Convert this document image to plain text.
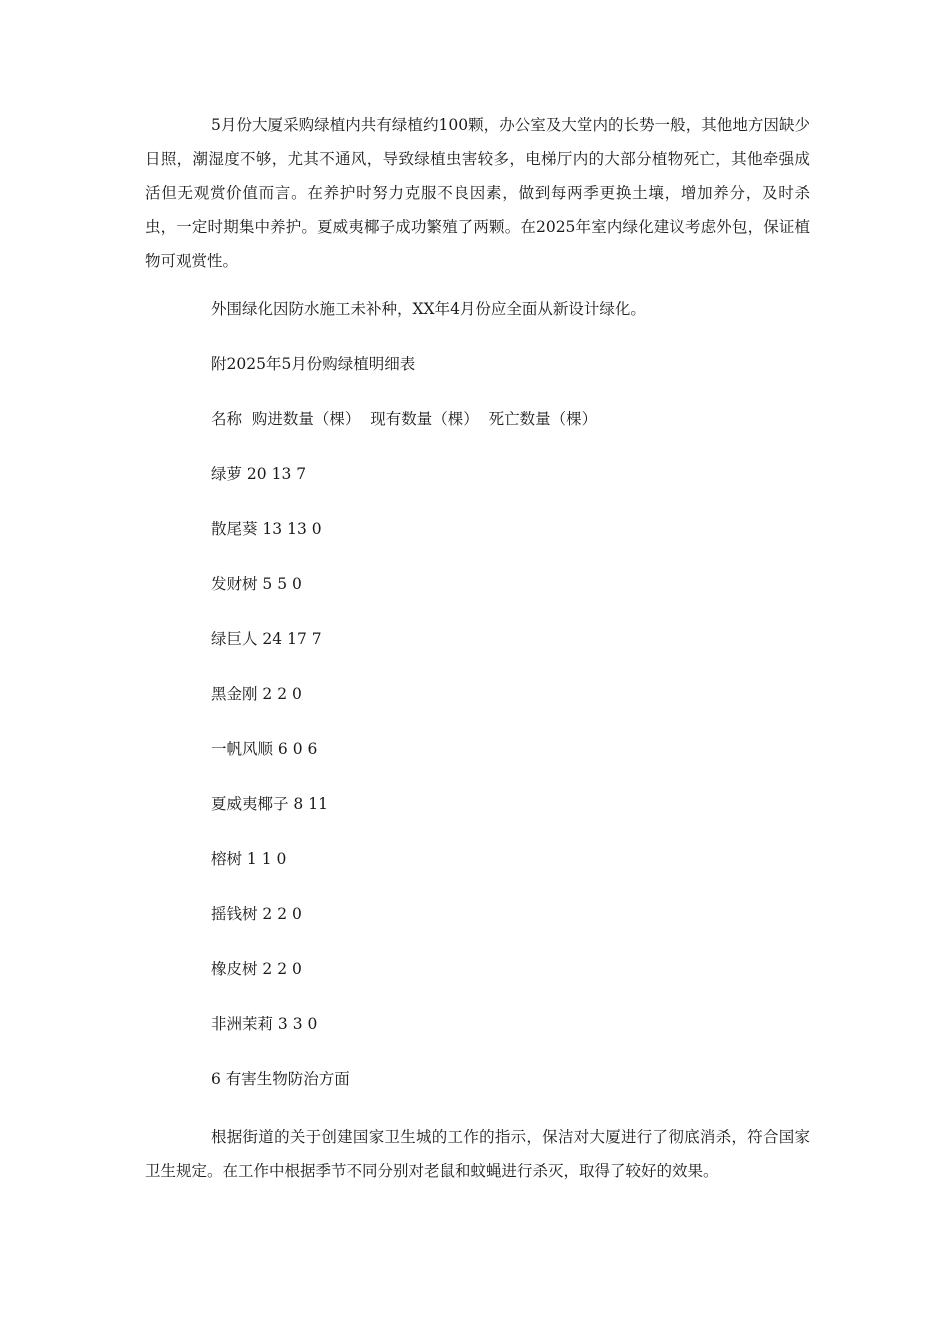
5月份大厦采购绿植内共有绿植约100颗，办公室及大堂内的长势一般，其他地方因缺少日照，潮湿度不够，尤其不通风，导致绿植虫害较多，电梯厅内的大部分植物死亡，其他牵强成活但无观赏价值而言。在养护时努力克服不良因素，做到每两季更换土壤，增加养分，及时杀虫，一定时期集中养护。夏威夷椰子成功繁殖了两颗。在2025年室内绿化建议考虑外包，保证植物可观赏性。

外围绿化因防水施工未补种，XX年4月份应全面从新设计绿化。

附2025年5月份购绿植明细表

名称  购进数量（棵）  现有数量（棵）  死亡数量（棵）

绿萝 20 13 7

散尾葵 13 13 0

发财树 5 5 0

绿巨人 24 17 7

黑金刚 2 2 0

一帆风顺 6 0 6

夏威夷椰子 8 11

榕树 1 1 0

摇钱树 2 2 0

橡皮树 2 2 0

非洲茉莉 3 3 0

6 有害生物防治方面

根据街道的关于创建国家卫生城的工作的指示，保洁对大厦进行了彻底消杀，符合国家卫生规定。在工作中根据季节不同分别对老鼠和蚊蝇进行杀灭，取得了较好的效果。
